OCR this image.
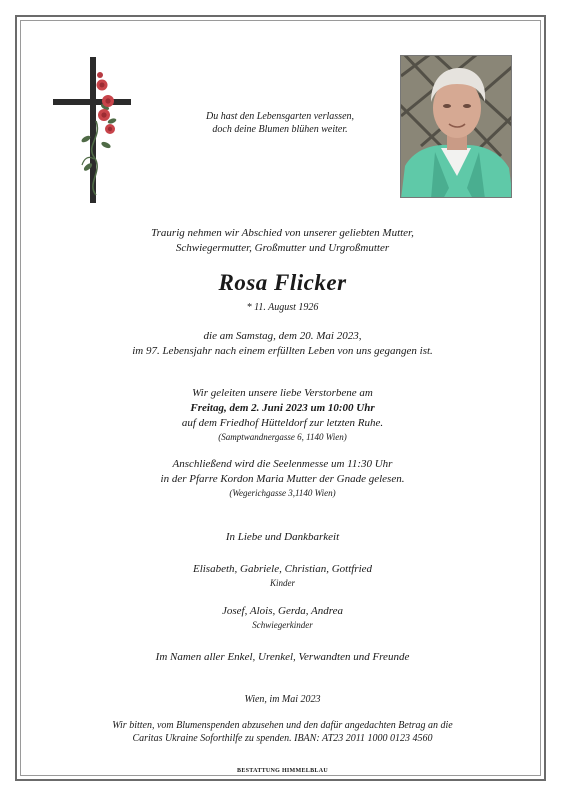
Du hast den Lebensgarten verlassen,
doch deine Blumen blühen weiter.
Traurig nehmen wir Abschied von unserer geliebten Mutter,
Schwiegermutter, Großmutter und Urgroßmutter
Rosa Flicker
* 11. August 1926
die am Samstag, dem 20. Mai 2023,
im 97. Lebensjahr nach einem erfüllten Leben von uns gegangen ist.
Wir geleiten unsere liebe Verstorbene am
Freitag, dem 2. Juni 2023 um 10:00 Uhr
auf dem Friedhof Hütteldorf zur letzten Ruhe.
(Samptwandnergasse 6, 1140 Wien)
Anschließend wird die Seelenmesse um 11:30 Uhr
in der Pfarre Kordon Maria Mutter der Gnade gelesen.
(Wegerichgasse 3,1140 Wien)
In Liebe und Dankbarkeit
Elisabeth, Gabriele, Christian, Gottfried
Kinder
Josef, Alois, Gerda, Andrea
Schwiegerkinder
Im Namen aller Enkel, Urenkel, Verwandten und Freunde
Wien, im Mai 2023
Wir bitten, vom Blumenspenden abzusehen und den dafür angedachten Betrag an die
Caritas Ukraine Soforthilfe zu spenden. IBAN: AT23 2011 1000 0123 4560
BESTATTUNG HIMMELBLAU
